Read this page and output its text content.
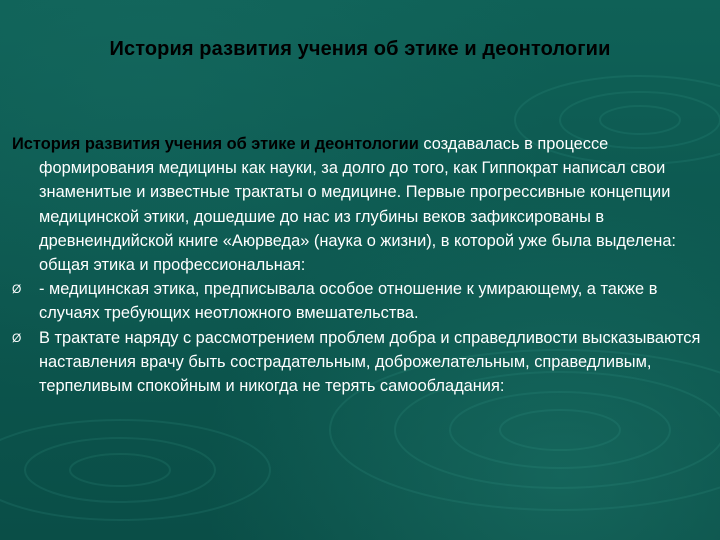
История развития учения об этике и деонтологии

История развития учения об этике и деонтологии создавалась в процессе формирования медицины как науки, за долго до того, как Гиппократ написал свои знаменитые и известные трактаты о медицине. Первые прогрессивные концепции медицинской этики, дошедшие до нас из глубины веков зафиксированы в древнеиндийской книге «Аюрведа» (наука о жизни), в которой уже была выделена: общая этика и профессиональная:

Ø - медицинская этика, предписывала особое отношение к умирающему, а также в случаях требующих неотложного вмешательства.

Ø В трактате наряду с рассмотрением проблем добра и справедливости высказываются наставления врачу быть сострадательным, доброжелательным, справедливым, терпеливым спокойным и никогда не терять самообладания:
